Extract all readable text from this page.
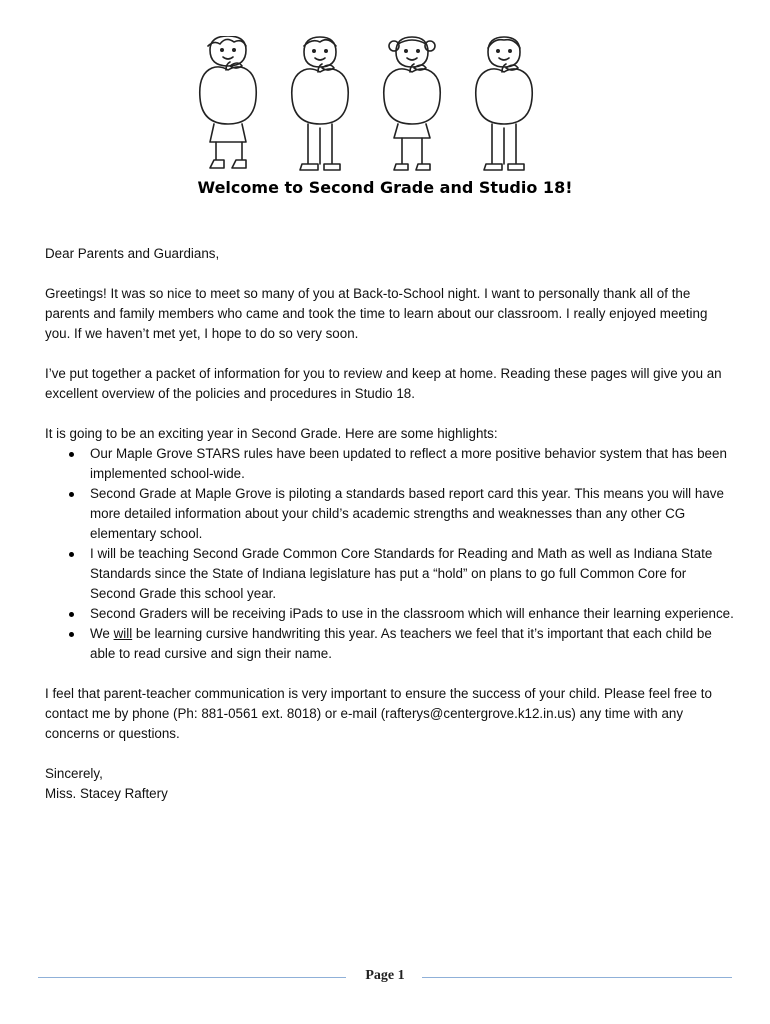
Welcome to Second Grade and Studio 18!

Dear Parents and Guardians,

Greetings! It was so nice to meet so many of you at Back-to-School night. I want to personally thank all of the parents and family members who came and took the time to learn about our classroom. I really enjoyed meeting you. If we haven’t met yet, I hope to do so very soon.

I’ve put together a packet of information for you to review and keep at home. Reading these pages will give you an excellent overview of the policies and procedures in Studio 18.

It is going to be an exciting year in Second Grade. Here are some highlights:

Our Maple Grove STARS rules have been updated to reflect a more positive behavior system that has been implemented school-wide.
Second Grade at Maple Grove is piloting a standards based report card this year. This means you will have more detailed information about your child’s academic strengths and weaknesses than any other CG elementary school.
I will be teaching Second Grade Common Core Standards for Reading and Math as well as Indiana State Standards since the State of Indiana legislature has put a “hold” on plans to go full Common Core for Second Grade this school year.
Second Graders will be receiving iPads to use in the classroom which will enhance their learning experience.
We will be learning cursive handwriting this year. As teachers we feel that it’s important that each child be able to read cursive and sign their name.

I feel that parent-teacher communication is very important to ensure the success of your child. Please feel free to contact me by phone (Ph: 881-0561 ext. 8018) or e-mail (rafterys@centergrove.k12.in.us) any time with any concerns or questions.

Sincerely,

Miss. Stacey Raftery

Page 1
